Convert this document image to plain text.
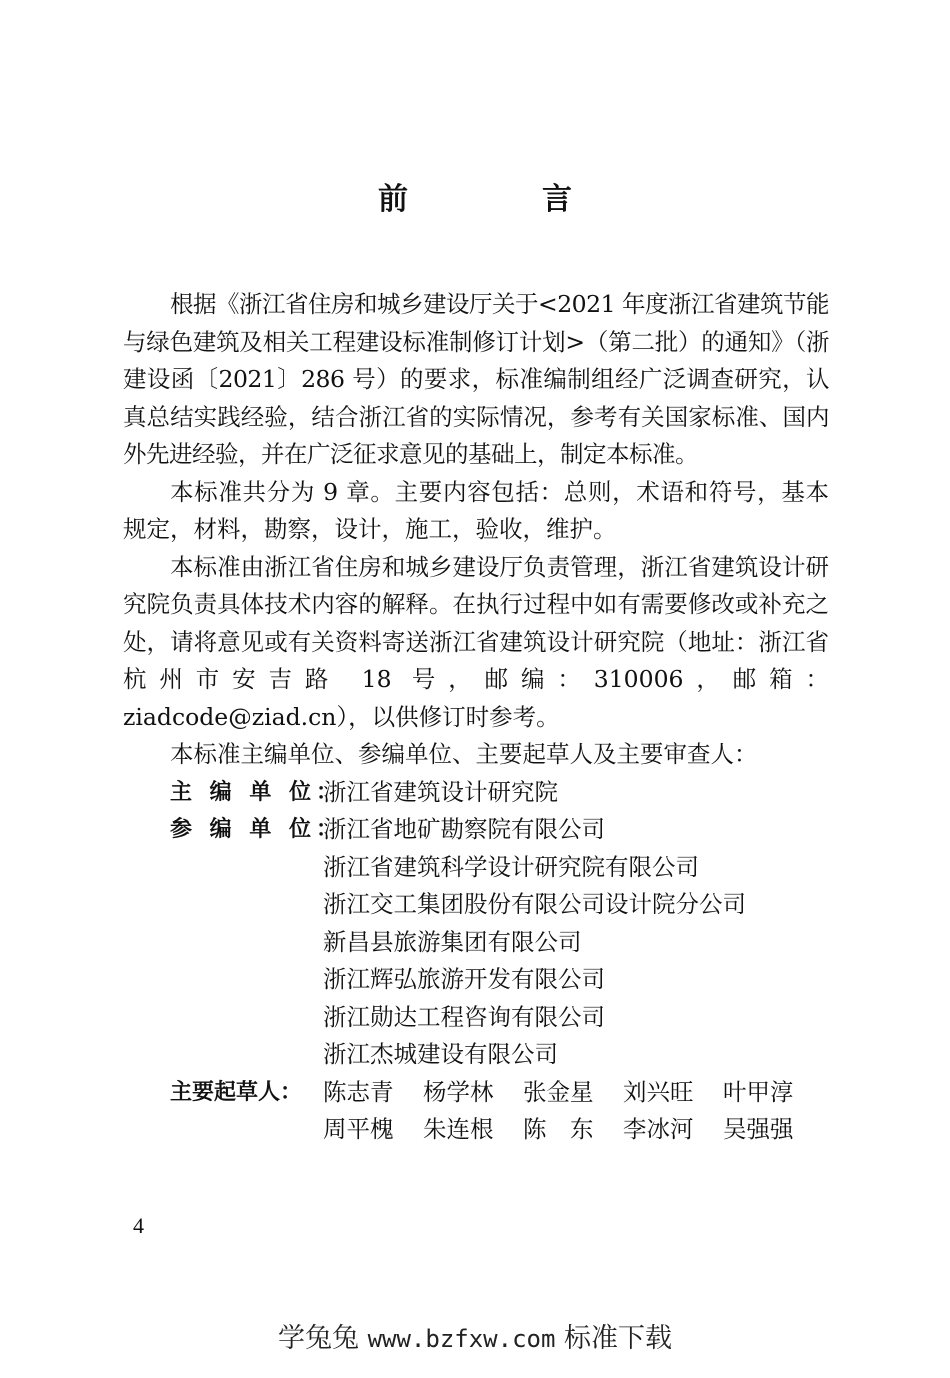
前　言

根据《浙江省住房和城乡建设厅关于<2021 年度浙江省建筑节能与绿色建筑及相关工程建设标准制修订计划>（第二批）的通知》（浙建设函〔2021〕286 号）的要求，标准编制组经广泛调查研究，认真总结实践经验，结合浙江省的实际情况，参考有关国家标准、国内外先进经验，并在广泛征求意见的基础上，制定本标准。

本标准共分为 9 章。主要内容包括：总则，术语和符号，基本规定，材料，勘察，设计，施工，验收，维护。

本标准由浙江省住房和城乡建设厅负责管理，浙江省建筑设计研究院负责具体技术内容的解释。在执行过程中如有需要修改或补充之处，请将意见或有关资料寄送浙江省建筑设计研究院（地址：浙江省杭州市安吉路 18 号，邮编：310006，邮箱：ziadcode@ziad.cn），以供修订时参考。

本标准主编单位、参编单位、主要起草人及主要审查人：

主 编 单 位：
浙江省建筑设计研究院
参 编 单 位：
浙江省地矿勘察院有限公司
浙江省建筑科学设计研究院有限公司
浙江交工集团股份有限公司设计院分公司
新昌县旅游集团有限公司
浙江辉弘旅游开发有限公司
浙江勋达工程咨询有限公司
浙江杰城建设有限公司
主要起草人： 陈志青	杨学林	张金星	刘兴旺	叶甲淳
周平槐	朱连根	陈　东	李冰河	吴强强
4
学兔兔 www.bzfxw.com 标准下载
